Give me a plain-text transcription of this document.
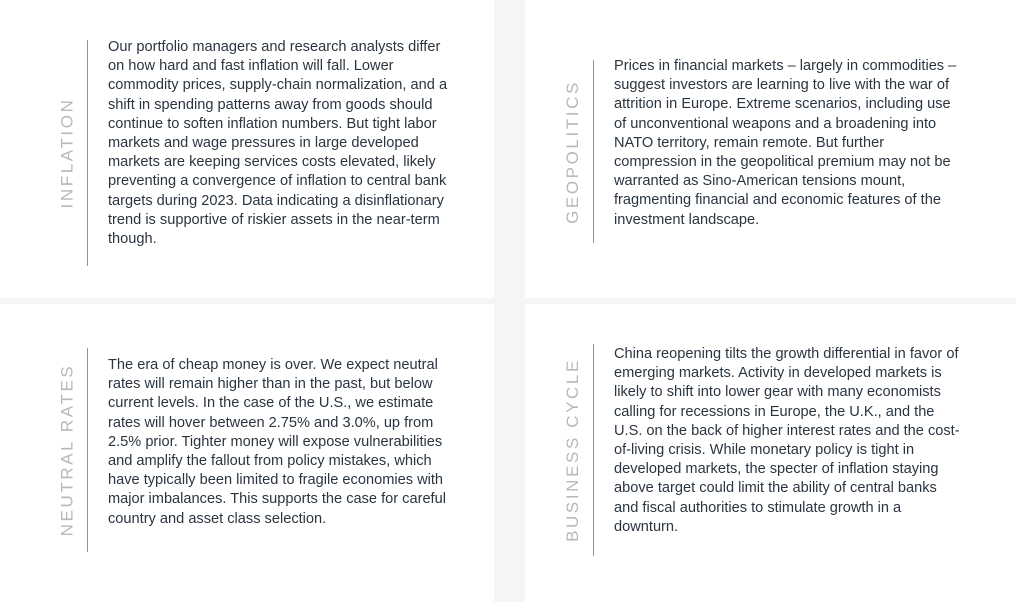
INFLATION

Our portfolio managers and research analysts differ on how hard and fast inflation will fall. Lower commodity prices, supply-chain normalization, and a shift in spending patterns away from goods should continue to soften inflation numbers. But tight labor markets and wage pressures in large developed markets are keeping services costs elevated, likely preventing a convergence of inflation to central bank targets during 2023. Data indicating a disinflationary trend is supportive of riskier assets in the near-term though.

GEOPOLITICS

Prices in financial markets – largely in commodities – suggest investors are learning to live with the war of attrition in Europe. Extreme scenarios, including use of unconventional weapons and a broadening into NATO territory, remain remote. But further compression in the geopolitical premium may not be warranted as Sino-American tensions mount, fragmenting financial and economic features of the investment landscape.

NEUTRAL RATES The era of cheap money is over. We expect neutral rates will remain higher than in the past, but below current levels. In the case of the U.S., we estimate rates will hover between 2.75% and 3.0%, up from 2.5% prior. Tighter money will expose vulnerabilities and amplify the fallout from policy mistakes, which have typically been limited to fragile economies with major imbalances. This supports the case for careful country and asset class selection.	BUSINESS CYCLE

China reopening tilts the growth differential in favor of emerging markets. Activity in developed markets is likely to shift into lower gear with many economists calling for recessions in Europe, the U.K., and the U.S. on the back of higher interest rates and the cost-of-living crisis. While monetary policy is tight in developed markets, the specter of inflation staying above target could limit the ability of central banks and fiscal authorities to stimulate growth in a downturn.
